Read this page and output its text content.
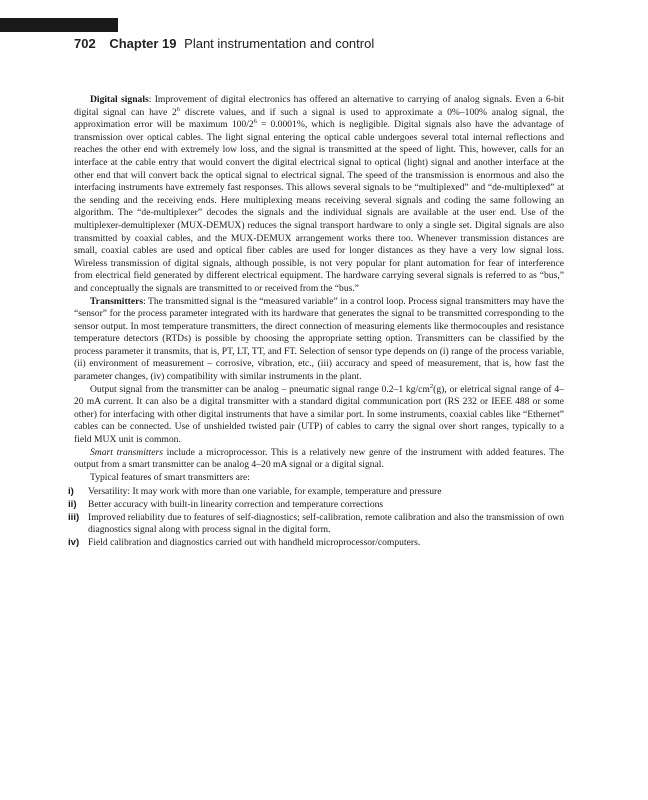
702 Chapter 19 Plant instrumentation and control

Digital signals: Improvement of digital electronics has offered an alternative to carrying of analog signals. Even a 6-bit digital signal can have $2^6$ discrete values, and if such a signal is used to approximate a 0%–100% analog signal, the approximation error will be maximum $100/2^6 = 0.0001\%$, which is negligible. Digital signals also have the advantage of transmission over optical cables. The light signal entering the optical cable undergoes several total internal reflections and reaches the other end with extremely low loss, and the signal is transmitted at the speed of light. This, however, calls for an interface at the cable entry that would convert the digital electrical signal to optical (light) signal and another interface at the other end that will convert back the optical signal to electrical signal. The speed of the transmission is enormous and also the interfacing instruments have extremely fast responses. This allows several signals to be “multiplexed” and “de-multiplexed” at the sending and the receiving ends. Here multiplexing means receiving several signals and coding the same following an algorithm. The “de-multiplexer” decodes the signals and the individual signals are available at the user end. Use of the multiplexer-demultiplexer (MUX-DEMUX) reduces the signal transport hardware to only a single set. Digital signals are also transmitted by coaxial cables, and the MUX-DEMUX arrangement works there too. Whenever transmission distances are small, coaxial cables are used and optical fiber cables are used for longer distances as they have a very low signal loss. Wireless transmission of digital signals, although possible, is not very popular for plant automation for fear of interference from electrical field generated by different electrical equipment. The hardware carrying several signals is referred to as “bus,” and conceptually the signals are transmitted to or received from the “bus.”

Transmitters: The transmitted signal is the “measured variable” in a control loop. Process signal transmitters may have the “sensor” for the process parameter integrated with its hardware that generates the signal to be transmitted corresponding to the sensor output. In most temperature transmitters, the direct connection of measuring elements like thermocouples and resistance temperature detectors (RTDs) is possible by choosing the appropriate setting option. Transmitters can be classified by the process parameter it transmits, that is, PT, LT, TT, and FT. Selection of sensor type depends on (i) range of the process variable, (ii) environment of measurement – corrosive, vibration, etc., (iii) accuracy and speed of measurement, that is, how fast the parameter changes, (iv) compatibility with similar instruments in the plant.

Output signal from the transmitter can be analog – pneumatic signal range 0.2–1 $kg/cm^2(g)$, or eletrical signal range of 4–20 mA current. It can also be a digital transmitter with a standard digital communication port (RS 232 or IEEE 488 or some other) for interfacing with other digital instruments that have a similar port. In some instruments, coaxial cables like “Ethernet” cables can be connected. Use of unshielded twisted pair (UTP) of cables to carry the signal over short ranges, typically to a field MUX unit is common.

Smart transmitters include a microprocessor. This is a relatively new genre of the instrument with added features. The output from a smart transmitter can be analog 4–20 mA signal or a digital signal.

Typical features of smart transmitters are:

i) Versatility: It may work with more than one variable, for example, temperature and pressure
ii) Better accuracy with built-in linearity correction and temperature corrections
iii) Improved reliability due to features of self-diagnostics; self-calibration, remote calibration and also the transmission of own diagnostics signal along with process signal in the digital form.
iv) Field calibration and diagnostics carried out with handheld microprocessor/computers.
